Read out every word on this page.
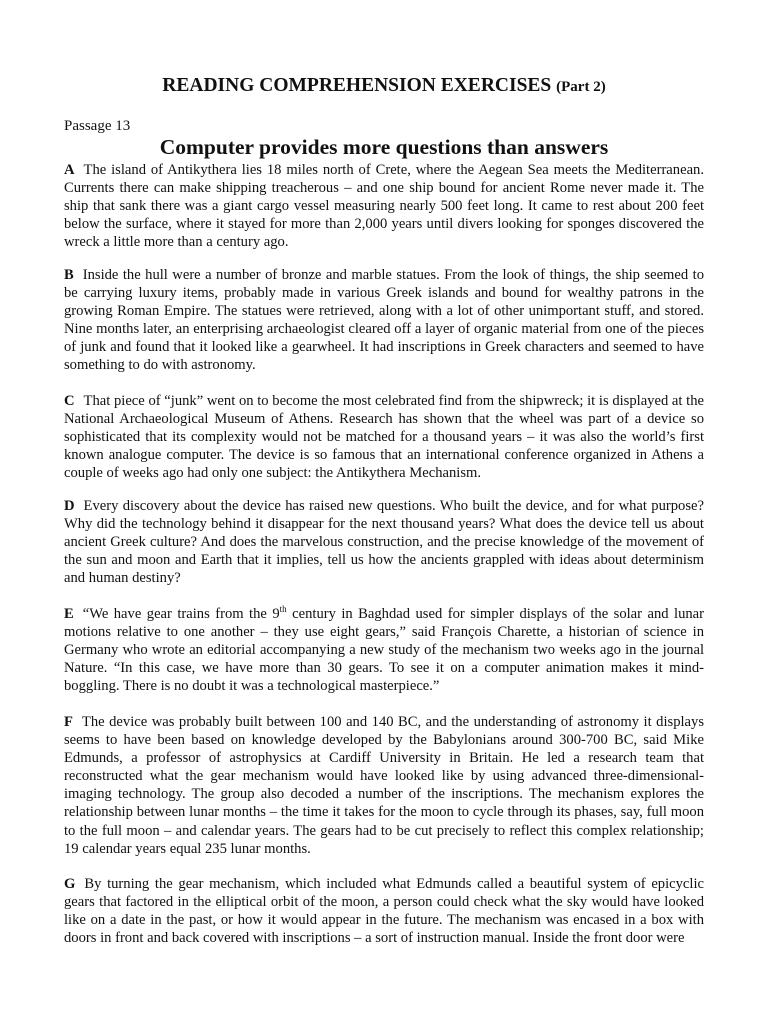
READING COMPREHENSION EXERCISES (Part 2)
Passage 13
Computer provides more questions than answers

A The island of Antikythera lies 18 miles north of Crete, where the Aegean Sea meets the Mediterranean. Currents there can make shipping treacherous – and one ship bound for ancient Rome never made it. The ship that sank there was a giant cargo vessel measuring nearly 500 feet long. It came to rest about 200 feet below the surface, where it stayed for more than 2,000 years until divers looking for sponges discovered the wreck a little more than a century ago.

B Inside the hull were a number of bronze and marble statues. From the look of things, the ship seemed to be carrying luxury items, probably made in various Greek islands and bound for wealthy patrons in the growing Roman Empire. The statues were retrieved, along with a lot of other unimportant stuff, and stored. Nine months later, an enterprising archaeologist cleared off a layer of organic material from one of the pieces of junk and found that it looked like a gearwheel. It had inscriptions in Greek characters and seemed to have something to do with astronomy.

C That piece of “junk” went on to become the most celebrated find from the shipwreck; it is displayed at the National Archaeological Museum of Athens. Research has shown that the wheel was part of a device so sophisticated that its complexity would not be matched for a thousand years – it was also the world’s first known analogue computer. The device is so famous that an international conference organized in Athens a couple of weeks ago had only one subject: the Antikythera Mechanism.

D Every discovery about the device has raised new questions. Who built the device, and for what purpose? Why did the technology behind it disappear for the next thousand years? What does the device tell us about ancient Greek culture? And does the marvelous construction, and the precise knowledge of the movement of the sun and moon and Earth that it implies, tell us how the ancients grappled with ideas about determinism and human destiny?

E “We have gear trains from the 9th century in Baghdad used for simpler displays of the solar and lunar motions relative to one another – they use eight gears,” said François Charette, a historian of science in Germany who wrote an editorial accompanying a new study of the mechanism two weeks ago in the journal Nature. “In this case, we have more than 30 gears. To see it on a computer animation makes it mind-boggling. There is no doubt it was a technological masterpiece.”

F The device was probably built between 100 and 140 BC, and the understanding of astronomy it displays seems to have been based on knowledge developed by the Babylonians around 300-700 BC, said Mike Edmunds, a professor of astrophysics at Cardiff University in Britain. He led a research team that reconstructed what the gear mechanism would have looked like by using advanced three-dimensional-imaging technology. The group also decoded a number of the inscriptions. The mechanism explores the relationship between lunar months – the time it takes for the moon to cycle through its phases, say, full moon to the full moon – and calendar years. The gears had to be cut precisely to reflect this complex relationship; 19 calendar years equal 235 lunar months.

G By turning the gear mechanism, which included what Edmunds called a beautiful system of epicyclic gears that factored in the elliptical orbit of the moon, a person could check what the sky would have looked like on a date in the past, or how it would appear in the future. The mechanism was encased in a box with doors in front and back covered with inscriptions – a sort of instruction manual. Inside the front door were
